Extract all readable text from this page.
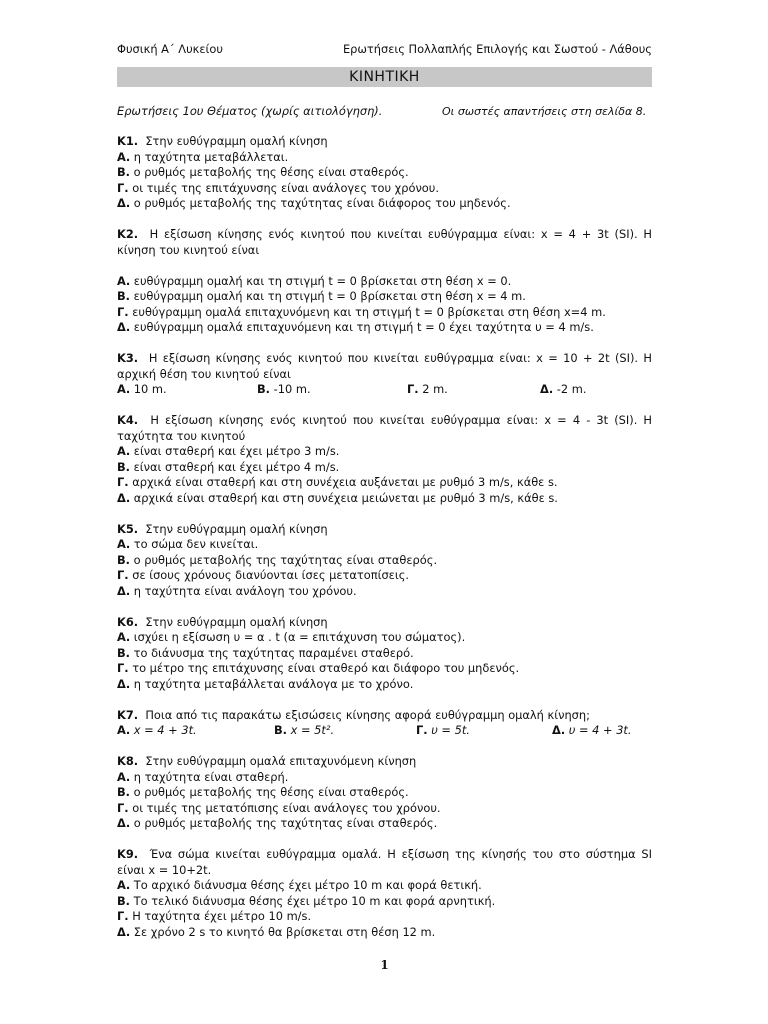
Φυσική Α΄ Λυκείου	Ερωτήσεις Πολλαπλής Επιλογής και Σωστού - Λάθους
ΚΙΝΗΤΙΚΗ
Ερωτήσεις 1ου Θέματος (χωρίς αιτιολόγηση).	Οι σωστές απαντήσεις στη σελίδα 8.
Κ1. Στην ευθύγραμμη ομαλή κίνηση
Α. η ταχύτητα μεταβάλλεται.
Β. ο ρυθμός μεταβολής της θέσης είναι σταθερός.
Γ. οι τιμές της επιτάχυνσης είναι ανάλογες του χρόνου.
Δ. ο ρυθμός μεταβολής της ταχύτητας είναι διάφορος του μηδενός.
Κ2. Η εξίσωση κίνησης ενός κινητού που κινείται ευθύγραμμα είναι: x = 4 + 3t (SI). Η κίνηση του κινητού είναι
Α. ευθύγραμμη ομαλή και τη στιγμή t = 0 βρίσκεται στη θέση x = 0.
Β. ευθύγραμμη ομαλή και τη στιγμή t = 0 βρίσκεται στη θέση x = 4 m.
Γ. ευθύγραμμη ομαλά επιταχυνόμενη και τη στιγμή t = 0 βρίσκεται στη θέση x=4 m.
Δ. ευθύγραμμη ομαλά επιταχυνόμενη και τη στιγμή t = 0 έχει ταχύτητα υ = 4 m/s.
Κ3. Η εξίσωση κίνησης ενός κινητού που κινείται ευθύγραμμα είναι: x = 10 + 2t (SI). Η αρχική θέση του κινητού είναι
Α. 10 m.	Β. -10 m.	Γ. 2 m.	Δ. -2 m.
Κ4. Η εξίσωση κίνησης ενός κινητού που κινείται ευθύγραμμα είναι: x = 4 - 3t (SI). Η ταχύτητα του κινητού
Α. είναι σταθερή και έχει μέτρο 3 m/s.
Β. είναι σταθερή και έχει μέτρο 4 m/s.
Γ. αρχικά είναι σταθερή και στη συνέχεια αυξάνεται με ρυθμό 3 m/s, κάθε s.
Δ. αρχικά είναι σταθερή και στη συνέχεια μειώνεται με ρυθμό 3 m/s, κάθε s.
Κ5. Στην ευθύγραμμη ομαλή κίνηση
Α. το σώμα δεν κινείται.
Β. ο ρυθμός μεταβολής της ταχύτητας είναι σταθερός.
Γ. σε ίσους χρόνους διανύονται ίσες μετατοπίσεις.
Δ. η ταχύτητα είναι ανάλογη του χρόνου.
Κ6. Στην ευθύγραμμη ομαλή κίνηση
Α. ισχύει η εξίσωση υ = α . t (α = επιτάχυνση του σώματος).
Β. το διάνυσμα της ταχύτητας παραμένει σταθερό.
Γ. το μέτρο της επιτάχυνσης είναι σταθερό και διάφορο του μηδενός.
Δ. η ταχύτητα μεταβάλλεται ανάλογα με το χρόνο.
Κ7. Ποια από τις παρακάτω εξισώσεις κίνησης αφορά ευθύγραμμη ομαλή κίνηση;
Α. x = 4 + 3t.	Β. x = 5t².	Γ. υ = 5t.	Δ. υ = 4 + 3t.
Κ8. Στην ευθύγραμμη ομαλά επιταχυνόμενη κίνηση
Α. η ταχύτητα είναι σταθερή.
Β. ο ρυθμός μεταβολής της θέσης είναι σταθερός.
Γ. οι τιμές της μετατόπισης είναι ανάλογες του χρόνου.
Δ. ο ρυθμός μεταβολής της ταχύτητας είναι σταθερός.
Κ9. Ένα σώμα κινείται ευθύγραμμα ομαλά. Η εξίσωση της κίνησής του στο σύστημα SI είναι x = 10+2t.
Α. Το αρχικό διάνυσμα θέσης έχει μέτρο 10 m και φορά θετική.
Β. Το τελικό διάνυσμα θέσης έχει μέτρο 10 m και φορά αρνητική.
Γ. Η ταχύτητα έχει μέτρο 10 m/s.
Δ. Σε χρόνο 2 s το κινητό θα βρίσκεται στη θέση 12 m.
1
